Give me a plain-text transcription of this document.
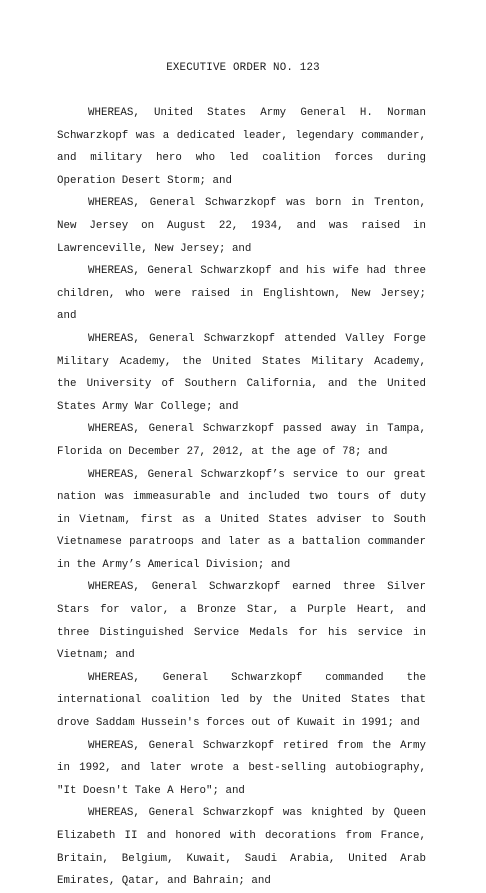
EXECUTIVE ORDER NO. 123

WHEREAS, United States Army General H. Norman Schwarzkopf was a dedicated leader, legendary commander, and military hero who led coalition forces during Operation Desert Storm; and

WHEREAS, General Schwarzkopf was born in Trenton, New Jersey on August 22, 1934, and was raised in Lawrenceville, New Jersey; and

WHEREAS, General Schwarzkopf and his wife had three children, who were raised in Englishtown, New Jersey; and

WHEREAS, General Schwarzkopf attended Valley Forge Military Academy, the United States Military Academy, the University of Southern California, and the United States Army War College; and

WHEREAS, General Schwarzkopf passed away in Tampa, Florida on December 27, 2012, at the age of 78; and

WHEREAS, General Schwarzkopf’s service to our great nation was immeasurable and included two tours of duty in Vietnam, first as a United States adviser to South Vietnamese paratroops and later as a battalion commander in the Army’s Americal Division; and

WHEREAS, General Schwarzkopf earned three Silver Stars for valor, a Bronze Star, a Purple Heart, and three Distinguished Service Medals for his service in Vietnam; and

WHEREAS, General Schwarzkopf commanded the international coalition led by the United States that drove Saddam Hussein's forces out of Kuwait in 1991; and

WHEREAS, General Schwarzkopf retired from the Army in 1992, and later wrote a best-selling autobiography, "It Doesn't Take A Hero"; and

WHEREAS, General Schwarzkopf was knighted by Queen Elizabeth II and honored with decorations from France, Britain, Belgium, Kuwait, Saudi Arabia, United Arab Emirates, Qatar, and Bahrain; and
